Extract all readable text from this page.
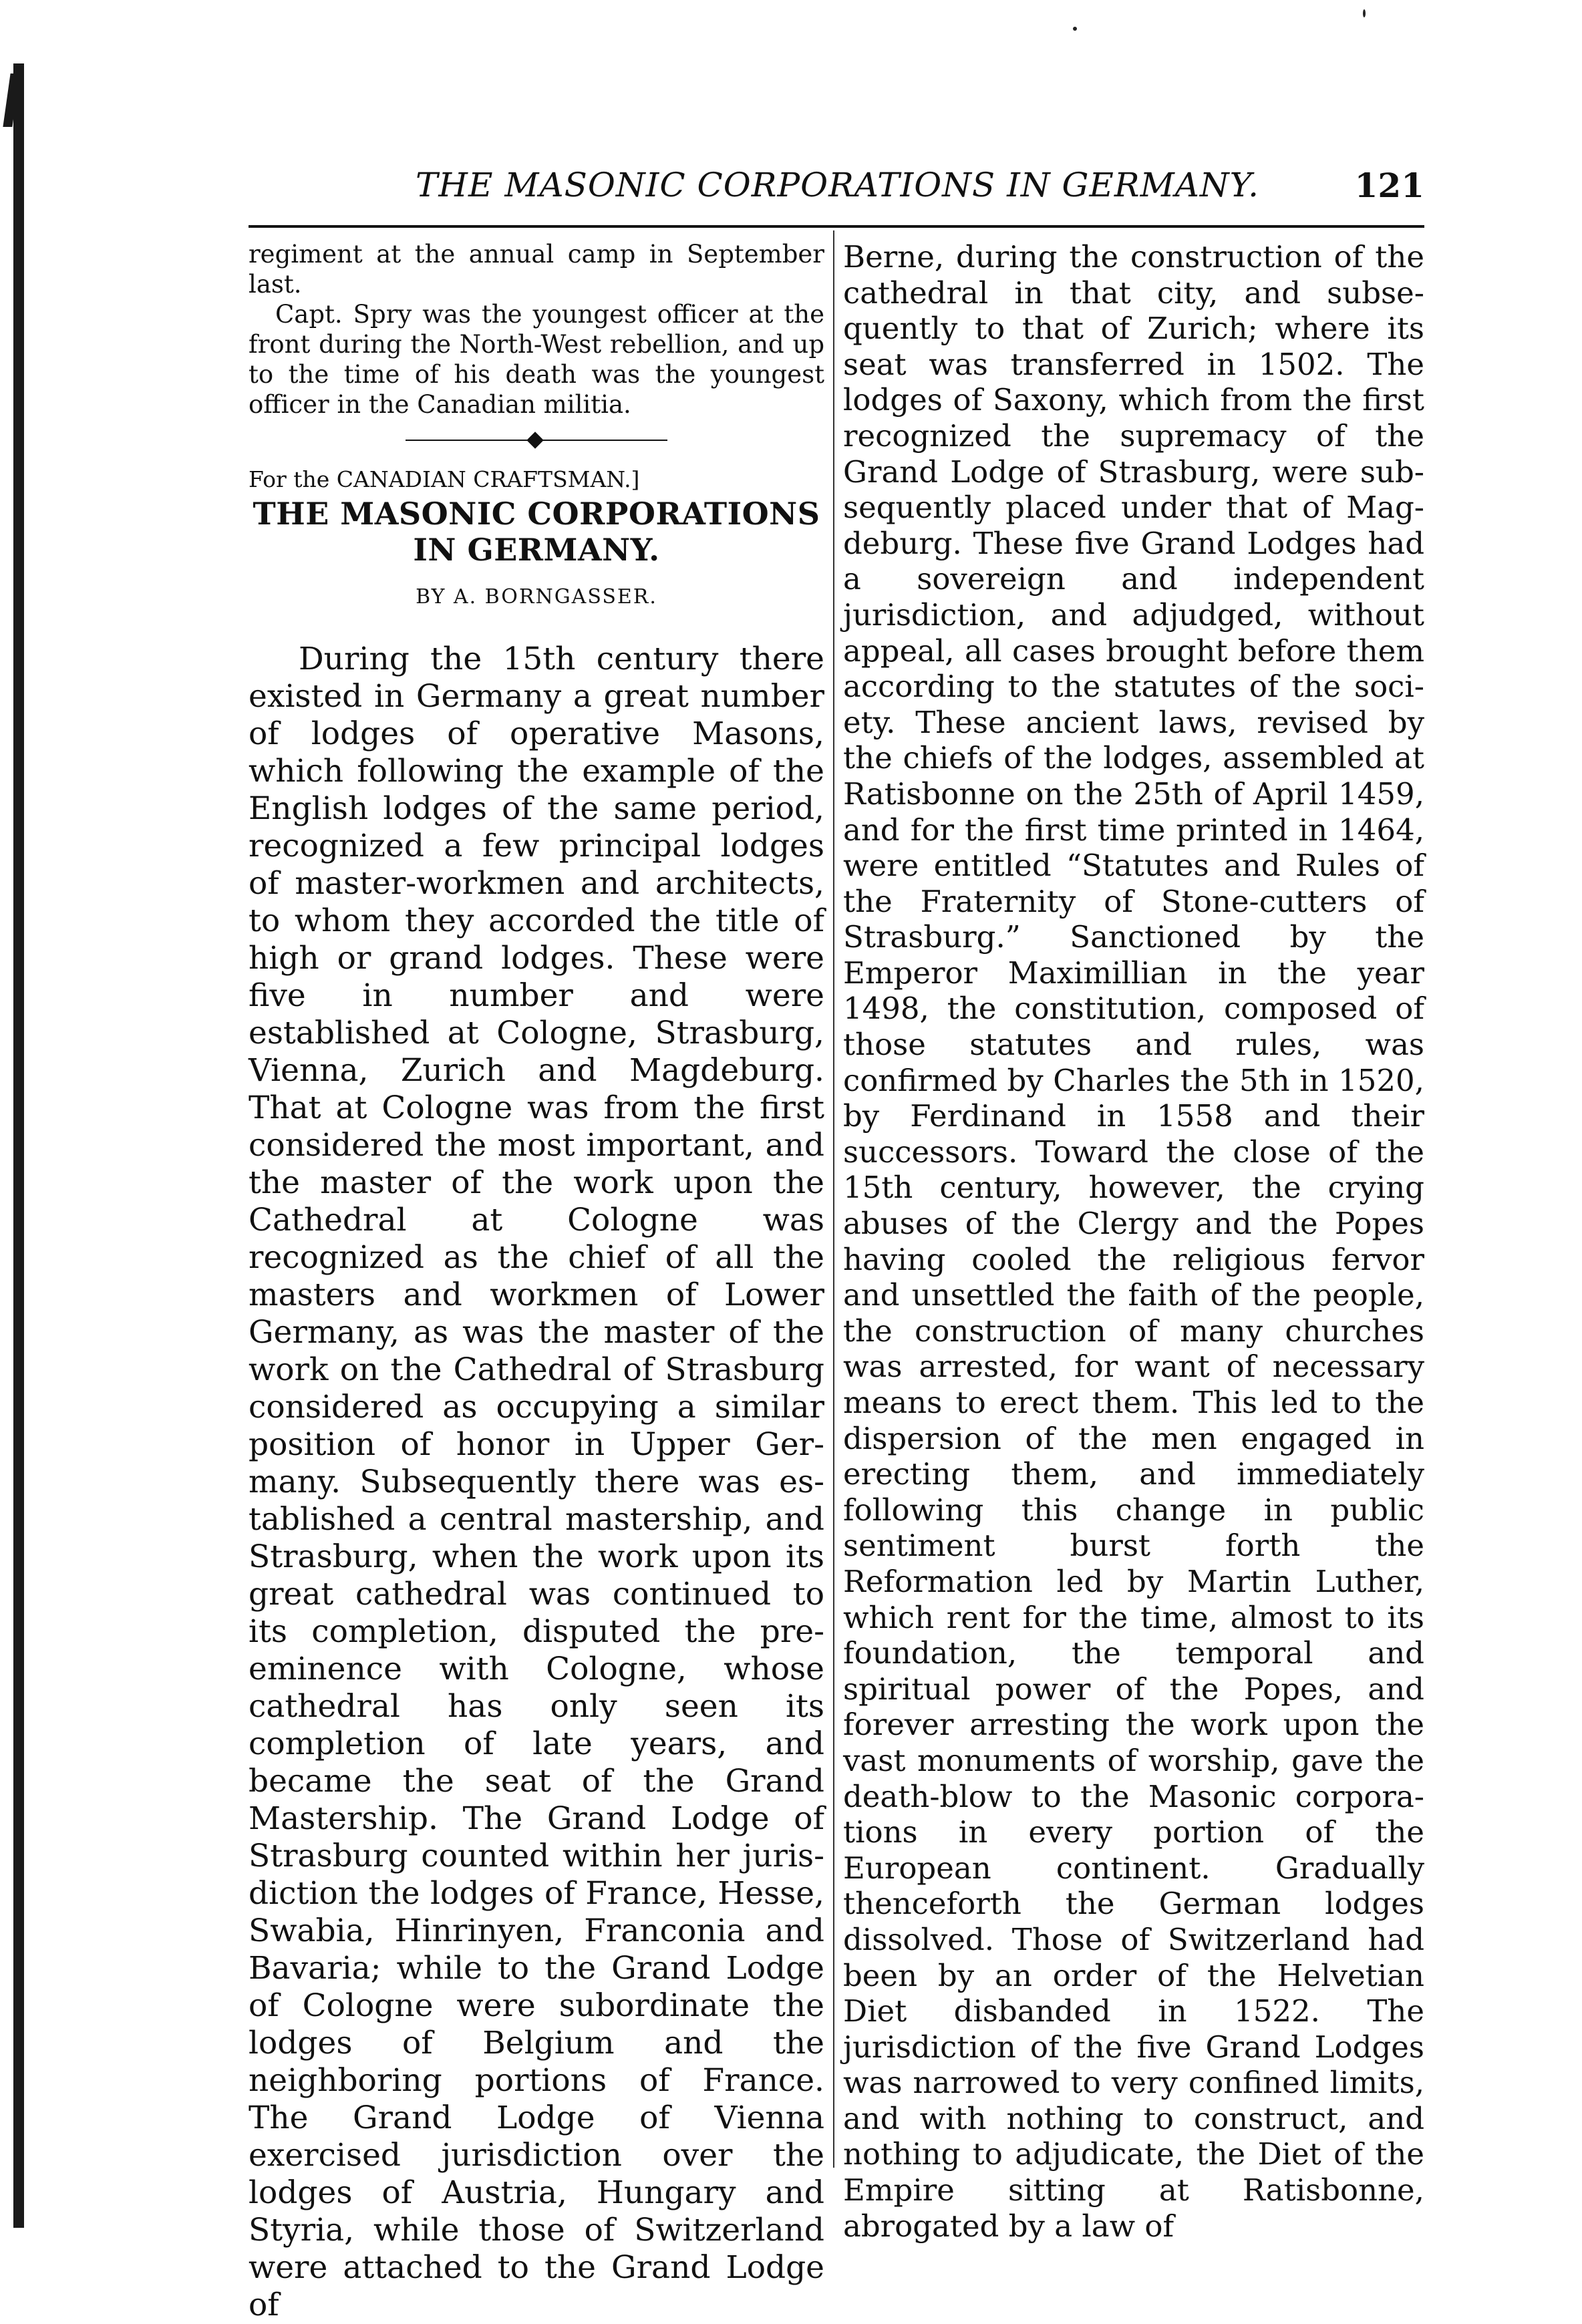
THE MASONIC CORPORATIONS IN GERMANY.	121

regiment at the annual camp in September last.

Capt. Spry was the youngest officer at the front during the North-West rebellion, and up to the time of his death was the youngest officer in the Canadian militia.

For the CANADIAN CRAFTSMAN.]

THE MASONIC CORPORATIONS IN GERMANY.

BY A. BORNGASSER.

During the 15th century there existed in Germany a great number of lodges of operative Masons, which following the example of the English lodges of the same period, recognized a few principal lodges of master-workmen and architects, to whom they accorded the title of high or grand lodges. These were five in number and were established at Cologne, Strasburg, Vienna, Zurich and Magdeburg. That at Cologne was from the first considered the most important, and the master of the work upon the Cathedral at Cologne was recognized as the chief of all the masters and workmen of Lower Germany, as was the master of the work on the Cathedral of Strasburg considered as occupying a similar position of honor in Upper Germany. Subsequently there was established a central mastership, and Strasburg, when the work upon its great cathedral was continued to its completion, disputed the pre-eminence with Cologne, whose cathedral has only seen its completion of late years, and became the seat of the Grand Mastership. The Grand Lodge of Strasburg counted within her jurisdiction the lodges of France, Hesse, Swabia, Hinrinyen, Franconia and Bavaria; while to the Grand Lodge of Cologne were subordinate the lodges of Belgium and the neighboring portions of France. The Grand Lodge of Vienna exercised jurisdiction over the lodges of Austria, Hungary and Styria, while those of Switzerland were attached to the Grand Lodge of

Berne, during the construction of the cathedral in that city, and subsequently to that of Zurich; where its seat was transferred in 1502. The lodges of Saxony, which from the first recognized the supremacy of the Grand Lodge of Strasburg, were subsequently placed under that of Magdeburg. These five Grand Lodges had a sovereign and independent jurisdiction, and adjudged, without appeal, all cases brought before them according to the statutes of the society. These ancient laws, revised by the chiefs of the lodges, assembled at Ratisbonne on the 25th of April 1459, and for the first time printed in 1464, were entitled “Statutes and Rules of the Fraternity of Stone-cutters of Strasburg.” Sanctioned by the Emperor Maximillian in the year 1498, the constitution, composed of those statutes and rules, was confirmed by Charles the 5th in 1520, by Ferdinand in 1558 and their successors. Toward the close of the 15th century, however, the crying abuses of the Clergy and the Popes having cooled the religious fervor and unsettled the faith of the people, the construction of many churches was arrested, for want of necessary means to erect them. This led to the dispersion of the men engaged in erecting them, and immediately following this change in public sentiment burst forth the Reformation led by Martin Luther, which rent for the time, almost to its foundation, the temporal and spiritual power of the Popes, and forever arresting the work upon the vast monuments of worship, gave the death-blow to the Masonic corporations in every portion of the European continent. Gradually thenceforth the German lodges dissolved. Those of Switzerland had been by an order of the Helvetian Diet disbanded in 1522. The jurisdiction of the five Grand Lodges was narrowed to very confined limits, and with nothing to construct, and nothing to adjudicate, the Diet of the Empire sitting at Ratisbonne, abrogated by a law of
